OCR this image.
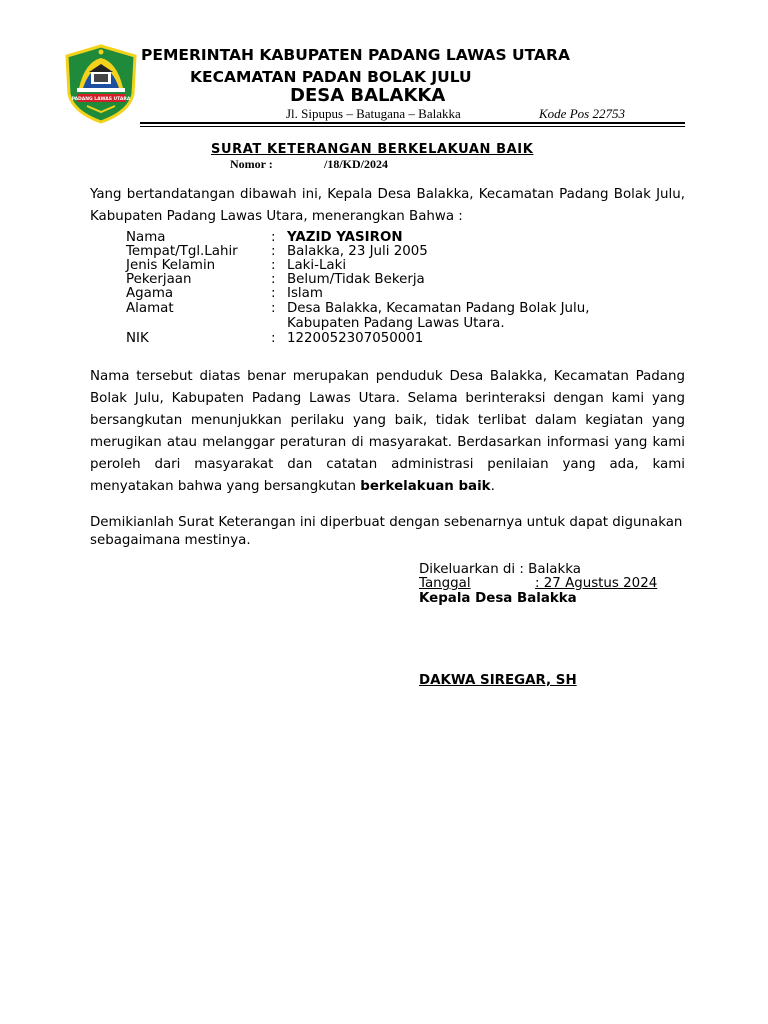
PADANG LAWAS UTARA
PEMERINTAH KABUPATEN PADANG LAWAS UTARA
KECAMATAN PADAN BOLAK JULU
DESA BALAKKA
Jl. Sipupus – Batugana – Balakka	Kode Pos 22753
SURAT KETERANGAN BERKELAKUAN BAIK
Nomor :	/18/KD/2024
Yang bertandatangan dibawah ini, Kepala Desa Balakka, Kecamatan Padang Bolak Julu, Kabupaten Padang Lawas Utara, menerangkan Bahwa :
Nama	: YAZID YASIRON
Tempat/Tgl.Lahir : Balakka, 23 Juli 2005
Jenis Kelamin	: Laki-Laki
Pekerjaan	: Belum/Tidak Bekerja
Agama	: Islam
Alamat	: Desa Balakka, Kecamatan Padang Bolak Julu,
Kabupaten Padang Lawas Utara.
NIK	: 1220052307050001
Nama tersebut diatas benar merupakan penduduk Desa Balakka, Kecamatan Padang Bolak Julu, Kabupaten Padang Lawas Utara. Selama berinteraksi dengan kami yang bersangkutan menunjukkan perilaku yang baik, tidak terlibat dalam kegiatan yang merugikan atau melanggar peraturan di masyarakat. Berdasarkan informasi yang kami peroleh dari masyarakat dan catatan administrasi penilaian yang ada, kami menyatakan bahwa yang bersangkutan berkelakuan baik.
Demikianlah Surat Keterangan ini diperbuat dengan sebenarnya untuk dapat digunakan sebagaimana mestinya.
Dikeluarkan di : Balakka
Tanggal	: 27 Agustus 2024
Kepala Desa Balakka
DAKWA SIREGAR, SH
